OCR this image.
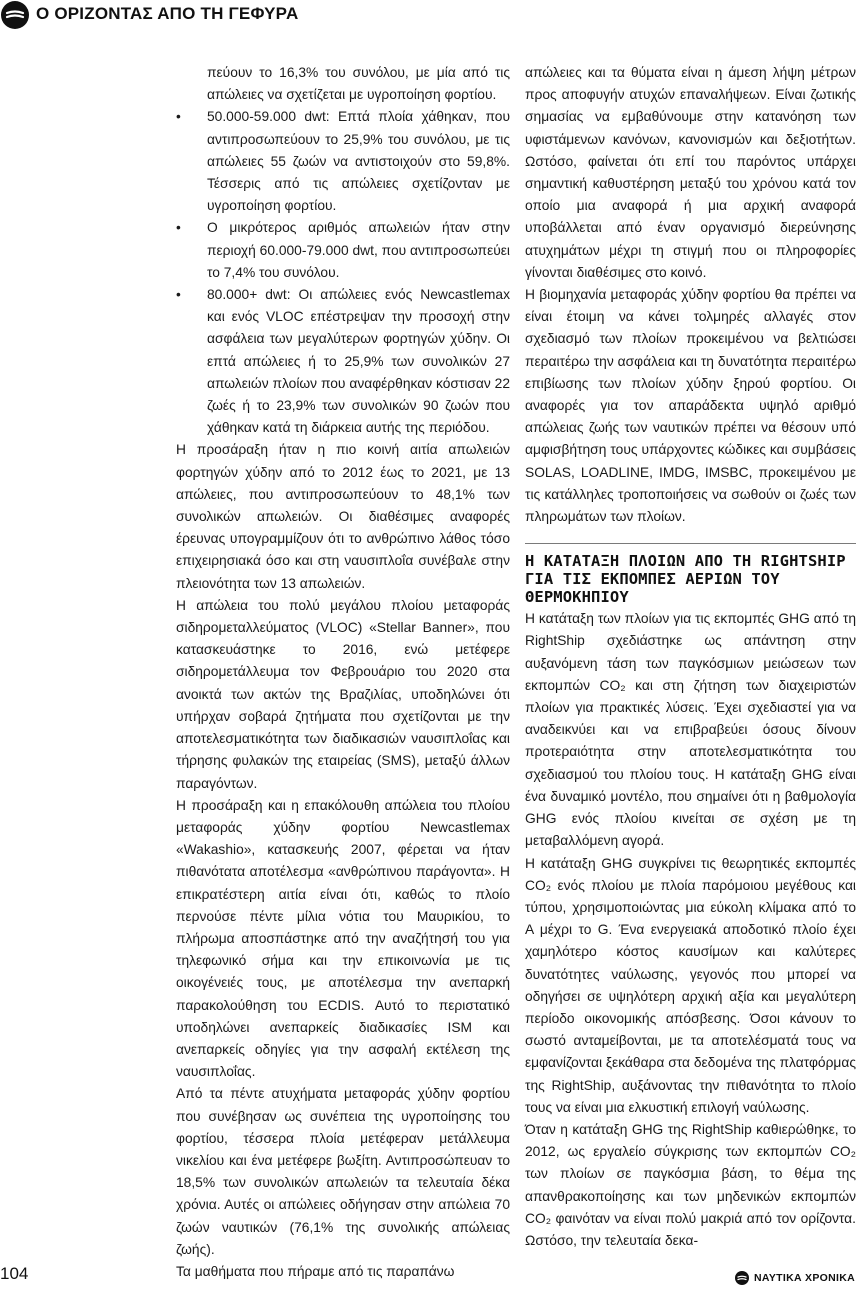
Ο ΟΡΙΖΟΝΤΑΣ ΑΠΟ ΤΗ ΓΕΦΥΡΑ

πεύουν το 16,3% του συνόλου, με μία από τις απώλειες να σχετίζεται με υγροποίηση φορτίου.

•	50.000-59.000 dwt: Επτά πλοία χάθηκαν, που αντιπροσωπεύουν το 25,9% του συνόλου, με τις απώλειες 55 ζωών να αντιστοιχούν στο 59,8%. Τέσσερις από τις απώλειες σχετίζονταν με υγροποίηση φορτίου.
•	Ο μικρότερος αριθμός απωλειών ήταν στην περιοχή 60.000-79.000 dwt, που αντιπροσωπεύει το 7,4% του συνόλου.
•	80.000+ dwt: Οι απώλειες ενός Newcastlemax και ενός VLOC επέστρεψαν την προσοχή στην ασφάλεια των μεγαλύτερων φορτηγών χύδην. Οι επτά απώλειες ή το 25,9% των συνολικών 27 απωλειών πλοίων που αναφέρθηκαν κόστισαν 22 ζωές ή το 23,9% των συνολικών 90 ζωών που χάθηκαν κατά τη διάρκεια αυτής της περιόδου.

Η προσάραξη ήταν η πιο κοινή αιτία απωλειών φορτηγών χύδην από το 2012 έως το 2021, με 13 απώλειες, που αντιπροσωπεύουν το 48,1% των συνολικών απωλειών. Οι διαθέσιμες αναφορές έρευνας υπογραμμίζουν ότι το ανθρώπινο λάθος τόσο επιχειρησιακά όσο και στη ναυσιπλοΐα συνέβαλε στην πλειονότητα των 13 απωλειών.

Η απώλεια του πολύ μεγάλου πλοίου μεταφοράς σιδηρομεταλλεύματος (VLOC) «Stellar Banner», που κατασκευάστηκε το 2016, ενώ μετέφερε σιδηρομετάλλευμα τον Φεβρουάριο του 2020 στα ανοικτά των ακτών της Βραζιλίας, υποδηλώνει ότι υπήρχαν σοβαρά ζητήματα που σχετίζονται με την αποτελεσματικότητα των διαδικασιών ναυσιπλοΐας και τήρησης φυλακών της εταιρείας (SMS), μεταξύ άλλων παραγόντων.

Η προσάραξη και η επακόλουθη απώλεια του πλοίου μεταφοράς χύδην φορτίου Newcastlemax «Wakashio», κατασκευής 2007, φέρεται να ήταν πιθανότατα αποτέλεσμα «ανθρώπινου παράγοντα». Η επικρατέστερη αιτία είναι ότι, καθώς το πλοίο περνούσε πέντε μίλια νότια του Μαυρικίου, το πλήρωμα αποσπάστηκε από την αναζήτησή του για τηλεφωνικό σήμα και την επικοινωνία με τις οικογένειές τους, με αποτέλεσμα την ανεπαρκή παρακολούθηση του ECDIS. Αυτό το περιστατικό υποδηλώνει ανεπαρκείς διαδικασίες ISM και ανεπαρκείς οδηγίες για την ασφαλή εκτέλεση της ναυσιπλοΐας.

Από τα πέντε ατυχήματα μεταφοράς χύδην φορτίου που συνέβησαν ως συνέπεια της υγροποίησης του φορτίου, τέσσερα πλοία μετέφεραν μετάλλευμα νικελίου και ένα μετέφερε βωξίτη. Αντιπροσώπευαν το 18,5% των συνολικών απωλειών τα τελευταία δέκα χρόνια. Αυτές οι απώλειες οδήγησαν στην απώλεια 70 ζωών ναυτικών (76,1% της συνολικής απώλειας ζωής).

Τα μαθήματα που πήραμε από τις παραπάνω

απώλειες και τα θύματα είναι η άμεση λήψη μέτρων προς αποφυγήν ατυχών επαναλήψεων. Είναι ζωτικής σημασίας να εμβαθύνουμε στην κατανόηση των υφιστάμενων κανόνων, κανονισμών και δεξιοτήτων. Ωστόσο, φαίνεται ότι επί του παρόντος υπάρχει σημαντική καθυστέρηση μεταξύ του χρόνου κατά τον οποίο μια αναφορά ή μια αρχική αναφορά υποβάλλεται από έναν οργανισμό διερεύνησης ατυχημάτων μέχρι τη στιγμή που οι πληροφορίες γίνονται διαθέσιμες στο κοινό.

Η βιομηχανία μεταφοράς χύδην φορτίου θα πρέπει να είναι έτοιμη να κάνει τολμηρές αλλαγές στον σχεδιασμό των πλοίων προκειμένου να βελτιώσει περαιτέρω την ασφάλεια και τη δυνατότητα περαιτέρω επιβίωσης των πλοίων χύδην ξηρού φορτίου. Οι αναφορές για τον απαράδεκτα υψηλό αριθμό απώλειας ζωής των ναυτικών πρέπει να θέσουν υπό αμφισβήτηση τους υπάρχοντες κώδικες και συμβάσεις SOLAS, LOADLINE, IMDG, IMSBC, προκειμένου με τις κατάλληλες τροποποιήσεις να σωθούν οι ζωές των πληρωμάτων των πλοίων.

Η ΚΑΤΑΤΑΞΗ ΠΛΟΙΩΝ ΑΠΟ ΤΗ RIGHTSHIP ΓΙΑ ΤΙΣ ΕΚΠΟΜΠΕΣ ΑΕΡΙΩΝ ΤΟΥ ΘΕΡΜΟΚΗΠΙΟΥ

Η κατάταξη των πλοίων για τις εκπομπές GHG από τη RightShip σχεδιάστηκε ως απάντηση στην αυξανόμενη τάση των παγκόσμιων μειώσεων των εκπομπών CO₂ και στη ζήτηση των διαχειριστών πλοίων για πρακτικές λύσεις. Έχει σχεδιαστεί για να αναδεικνύει και να επιβραβεύει όσους δίνουν προτεραιότητα στην αποτελεσματικότητα του σχεδιασμού του πλοίου τους. Η κατάταξη GHG είναι ένα δυναμικό μοντέλο, που σημαίνει ότι η βαθμολογία GHG ενός πλοίου κινείται σε σχέση με τη μεταβαλλόμενη αγορά.

Η κατάταξη GHG συγκρίνει τις θεωρητικές εκπομπές CO₂ ενός πλοίου με πλοία παρόμοιου μεγέθους και τύπου, χρησιμοποιώντας μια εύκολη κλίμακα από το A μέχρι το G. Ένα ενεργειακά αποδοτικό πλοίο έχει χαμηλότερο κόστος καυσίμων και καλύτερες δυνατότητες ναύλωσης, γεγονός που μπορεί να οδηγήσει σε υψηλότερη αρχική αξία και μεγαλύτερη περίοδο οικονομικής απόσβεσης. Όσοι κάνουν το σωστό ανταμείβονται, με τα αποτελέσματά τους να εμφανίζονται ξεκάθαρα στα δεδομένα της πλατφόρμας της RightShip, αυξάνοντας την πιθανότητα το πλοίο τους να είναι μια ελκυστική επιλογή ναύλωσης.

Όταν η κατάταξη GHG της RightShip καθιερώθηκε, το 2012, ως εργαλείο σύγκρισης των εκπομπών CO₂ των πλοίων σε παγκόσμια βάση, το θέμα της απανθρακοποίησης και των μηδενικών εκπομπών CO₂ φαινόταν να είναι πολύ μακριά από τον ορίζοντα. Ωστόσο, την τελευταία δεκα-

104	ΝΑΥΤΙΚΑ ΧΡΟΝΙΚΑ
